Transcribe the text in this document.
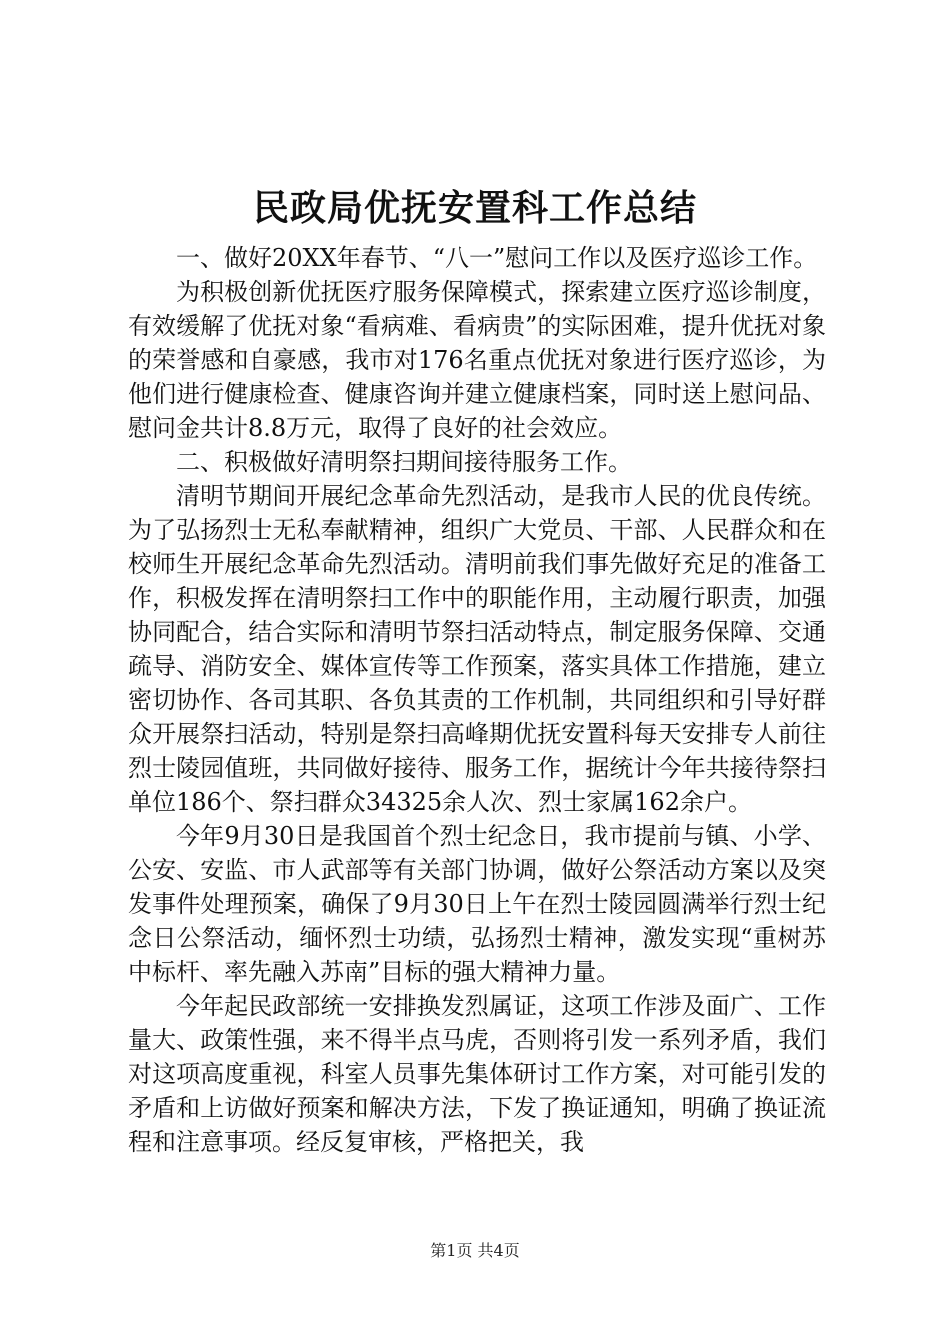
民政局优抚安置科工作总结

一、做好20XX年春节、“八一”慰问工作以及医疗巡诊工作。

为积极创新优抚医疗服务保障模式，探索建立医疗巡诊制度，有效缓解了优抚对象“看病难、看病贵”的实际困难，提升优抚对象的荣誉感和自豪感，我市对176名重点优抚对象进行医疗巡诊，为他们进行健康检查、健康咨询并建立健康档案，同时送上慰问品、慰问金共计8.8万元，取得了良好的社会效应。

二、积极做好清明祭扫期间接待服务工作。

清明节期间开展纪念革命先烈活动，是我市人民的优良传统。为了弘扬烈士无私奉献精神，组织广大党员、干部、人民群众和在校师生开展纪念革命先烈活动。清明前我们事先做好充足的准备工作，积极发挥在清明祭扫工作中的职能作用，主动履行职责，加强协同配合，结合实际和清明节祭扫活动特点，制定服务保障、交通疏导、消防安全、媒体宣传等工作预案，落实具体工作措施，建立密切协作、各司其职、各负其责的工作机制，共同组织和引导好群众开展祭扫活动，特别是祭扫高峰期优抚安置科每天安排专人前往烈士陵园值班，共同做好接待、服务工作，据统计今年共接待祭扫单位186个、祭扫群众34325余人次、烈士家属162余户。

今年9月30日是我国首个烈士纪念日，我市提前与镇、小学、公安、安监、市人武部等有关部门协调，做好公祭活动方案以及突发事件处理预案，确保了9月30日上午在烈士陵园圆满举行烈士纪念日公祭活动，缅怀烈士功绩，弘扬烈士精神，激发实现“重树苏中标杆、率先融入苏南”目标的强大精神力量。

今年起民政部统一安排换发烈属证，这项工作涉及面广、工作量大、政策性强，来不得半点马虎，否则将引发一系列矛盾，我们对这项高度重视，科室人员事先集体研讨工作方案，对可能引发的矛盾和上访做好预案和解决方法，下发了换证通知，明确了换证流程和注意事项。经反复审核，严格把关，我

第1页 共4页
